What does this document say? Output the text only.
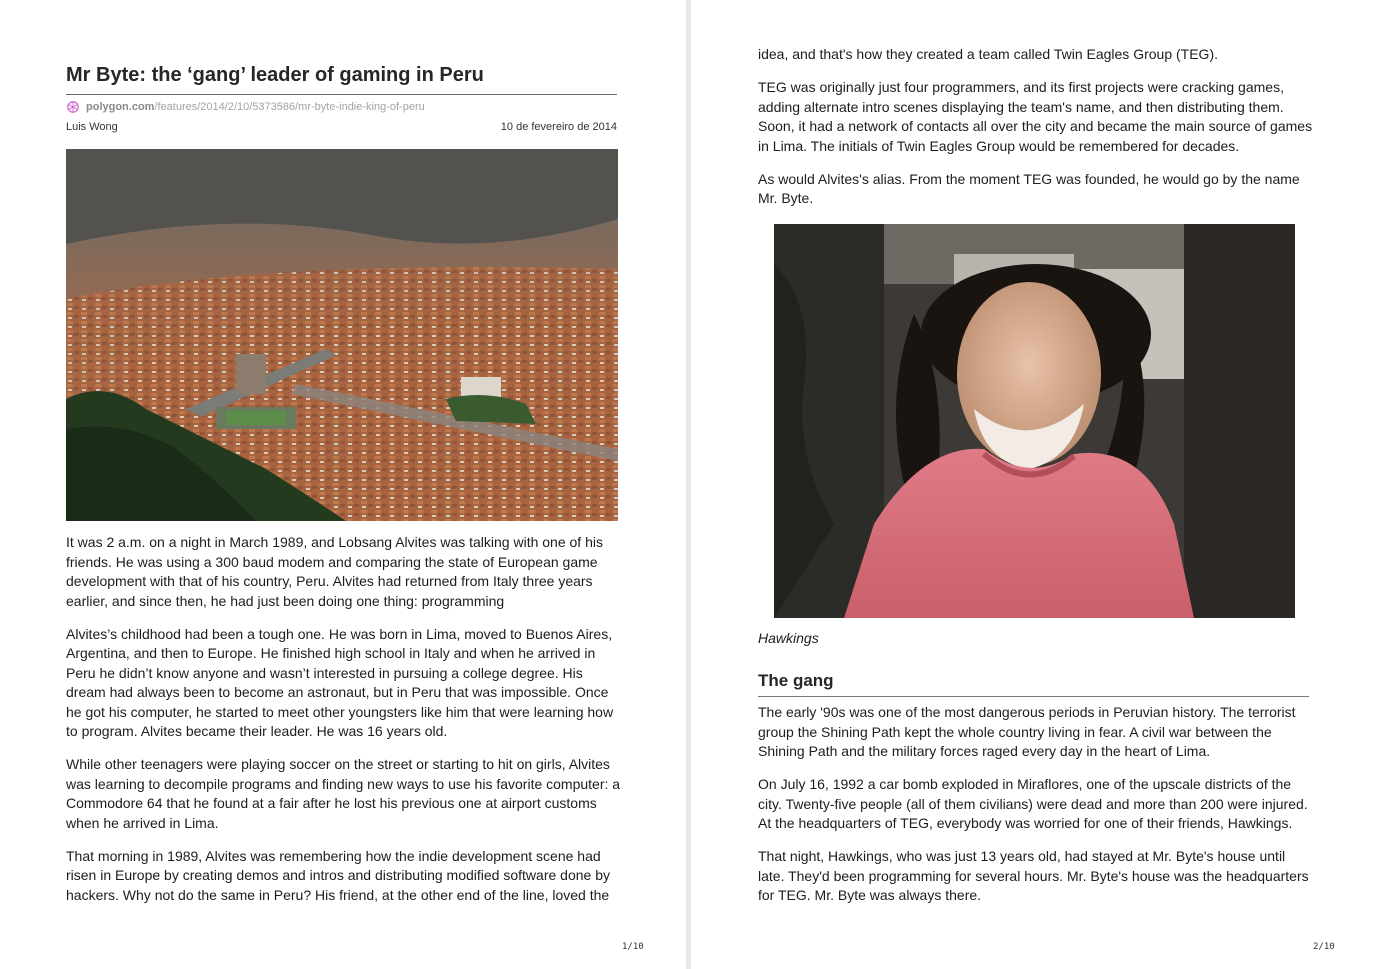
Mr Byte: the ‘gang’ leader of gaming in Peru
polygon.com /features/2014/2/10/5373586/mr-byte-indie-king-of-peru
Luis Wong	10 de fevereiro de 2014

It was 2 a.m. on a night in March 1989, and Lobsang Alvites was talking with one of his friends. He was using a 300 baud modem and comparing the state of European game development with that of his country, Peru. Alvites had returned from Italy three years earlier, and since then, he had just been doing one thing: programming

Alvites’s childhood had been a tough one. He was born in Lima, moved to Buenos Aires, Argentina, and then to Europe. He finished high school in Italy and when he arrived in Peru he didn’t know anyone and wasn’t interested in pursuing a college degree. His dream had always been to become an astronaut, but in Peru that was impossible. Once he got his computer, he started to meet other youngsters like him that were learning how to program. Alvites became their leader. He was 16 years old.

While other teenagers were playing soccer on the street or starting to hit on girls, Alvites was learning to decompile programs and finding new ways to use his favorite computer: a Commodore 64 that he found at a fair after he lost his previous one at airport customs when he arrived in Lima.

That morning in 1989, Alvites was remembering how the indie development scene had risen in Europe by creating demos and intros and distributing modified software done by hackers. Why not do the same in Peru? His friend, at the other end of the line, loved the

1/10

idea, and that's how they created a team called Twin Eagles Group (TEG).

TEG was originally just four programmers, and its first projects were cracking games, adding alternate intro scenes displaying the team's name, and then distributing them. Soon, it had a network of contacts all over the city and became the main source of games in Lima. The initials of Twin Eagles Group would be remembered for decades.

As would Alvites's alias. From the moment TEG was founded, he would go by the name Mr. Byte.

Hawkings
The gang

The early '90s was one of the most dangerous periods in Peruvian history. The terrorist group the Shining Path kept the whole country living in fear. A civil war between the Shining Path and the military forces raged every day in the heart of Lima.

On July 16, 1992 a car bomb exploded in Miraflores, one of the upscale districts of the city. Twenty-five people (all of them civilians) were dead and more than 200 were injured. At the headquarters of TEG, everybody was worried for one of their friends, Hawkings.

That night, Hawkings, who was just 13 years old, had stayed at Mr. Byte's house until late. They'd been programming for several hours. Mr. Byte's house was the headquarters for TEG. Mr. Byte was always there.

2/10
